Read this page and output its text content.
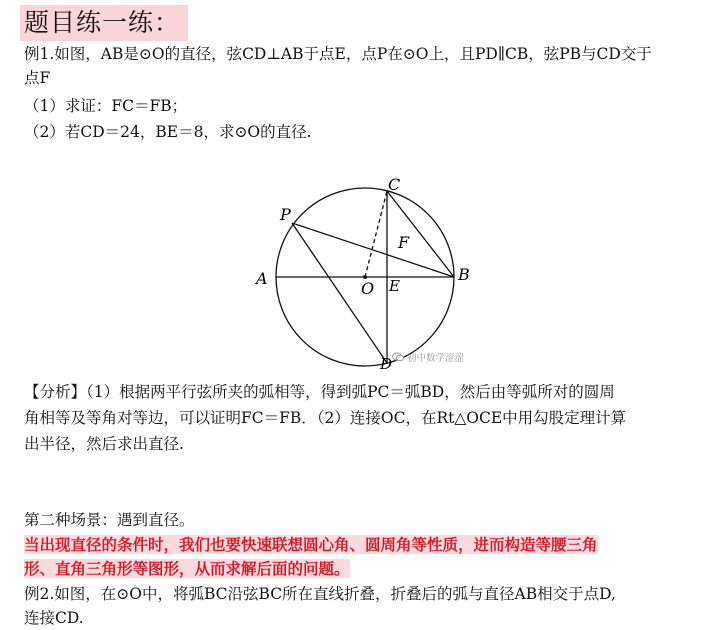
题目练一练：
例1.如图，AB是⊙O的直径，弦CD⊥AB于点E，点P在⊙O上，且PD∥CB，弦PB与CD交于
点F
（1）求证：FC＝FB；
（2）若CD＝24，BE＝8，求⊙O的直径.
C
P
F
A	B
O E
D 初中数学涩涩
【分析】（1）根据两平行弦所夹的弧相等，得到弧PC＝弧BD，然后由等弧所对的圆周
角相等及等角对等边，可以证明FC＝FB．（2）连接OC，在Rt△OCE中用勾股定理计算
出半径，然后求出直径.
第二种场景：遇到直径。
当出现直径的条件时，我们也要快速联想圆心角、圆周角等性质，进而构造等腰三角
形、直角三角形等图形，从而求解后面的问题。
例2.如图，在⊙O中，将弧BC沿弦BC所在直线折叠，折叠后的弧与直径AB相交于点D,
连接CD.
